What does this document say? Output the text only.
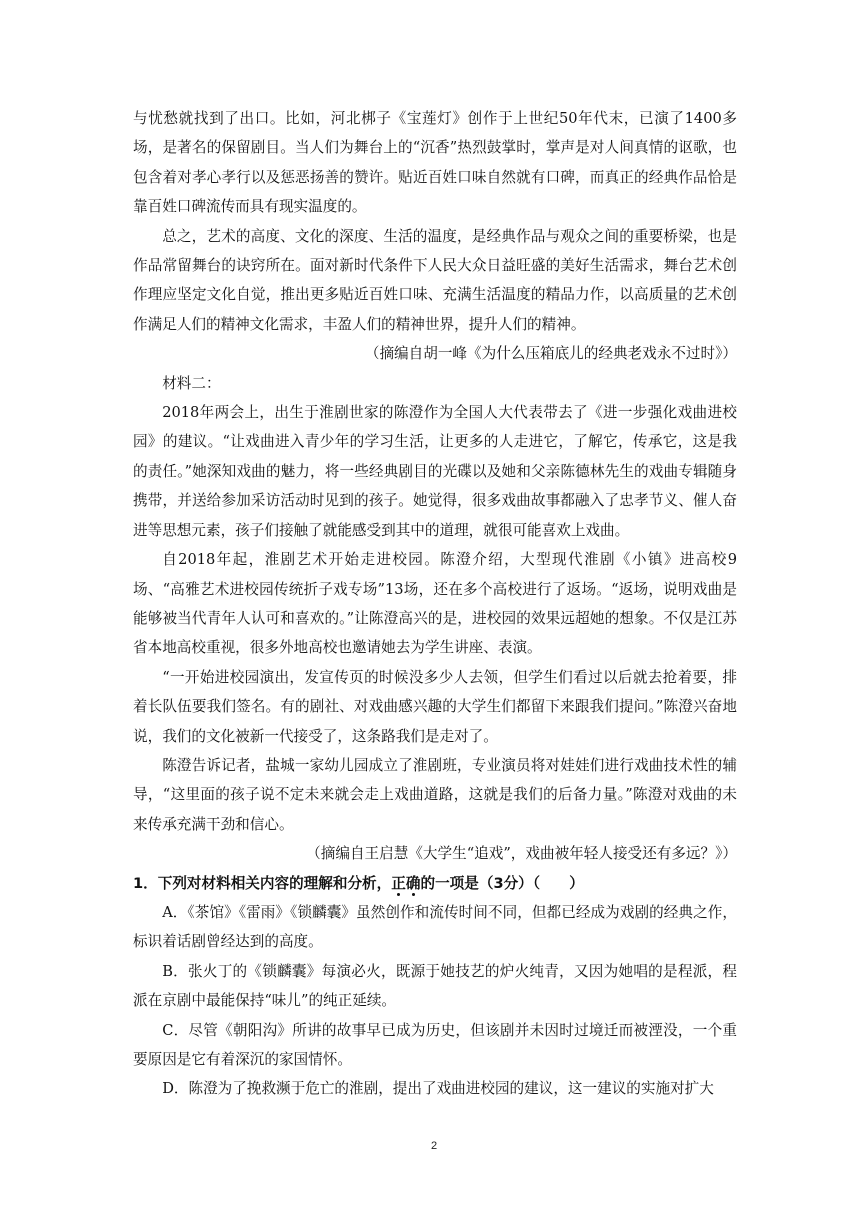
与忧愁就找到了出口。比如，河北梆子《宝莲灯》创作于上世纪50年代末，已演了1400多场，是著名的保留剧目。当人们为舞台上的“沉香”热烈鼓掌时，掌声是对人间真情的讴歌，也包含着对孝心孝行以及惩恶扬善的赞许。贴近百姓口味自然就有口碑，而真正的经典作品恰是靠百姓口碑流传而具有现实温度的。

总之，艺术的高度、文化的深度、生活的温度，是经典作品与观众之间的重要桥梁，也是作品常留舞台的诀窍所在。面对新时代条件下人民大众日益旺盛的美好生活需求，舞台艺术创作理应坚定文化自觉，推出更多贴近百姓口味、充满生活温度的精品力作，以高质量的艺术创作满足人们的精神文化需求，丰盈人们的精神世界，提升人们的精神。

（摘编自胡一峰《为什么压箱底儿的经典老戏永不过时》）

材料二：

2018年两会上，出生于淮剧世家的陈澄作为全国人大代表带去了《进一步强化戏曲进校园》的建议。“让戏曲进入青少年的学习生活，让更多的人走进它，了解它，传承它，这是我的责任。”她深知戏曲的魅力，将一些经典剧目的光碟以及她和父亲陈德林先生的戏曲专辑随身携带，并送给参加采访活动时见到的孩子。她觉得，很多戏曲故事都融入了忠孝节义、催人奋进等思想元素，孩子们接触了就能感受到其中的道理，就很可能喜欢上戏曲。

自2018年起，淮剧艺术开始走进校园。陈澄介绍，大型现代淮剧《小镇》进高校9场、“高雅艺术进校园传统折子戏专场”13场，还在多个高校进行了返场。“返场，说明戏曲是能够被当代青年人认可和喜欢的。”让陈澄高兴的是，进校园的效果远超她的想象。不仅是江苏省本地高校重视，很多外地高校也邀请她去为学生讲座、表演。

“一开始进校园演出，发宣传页的时候没多少人去领，但学生们看过以后就去抢着要，排着长队伍要我们签名。有的剧社、对戏曲感兴趣的大学生们都留下来跟我们提问。”陈澄兴奋地说，我们的文化被新一代接受了，这条路我们是走对了。

陈澄告诉记者，盐城一家幼儿园成立了淮剧班，专业演员将对娃娃们进行戏曲技术性的辅导，“这里面的孩子说不定未来就会走上戏曲道路，这就是我们的后备力量。”陈澄对戏曲的未来传承充满干劲和信心。

（摘编自王启慧《大学生“追戏”，戏曲被年轻人接受还有多远？》）

1．下列对材料相关内容的理解和分析，正确的一项是（3分）（　　）

A．《茶馆》《雷雨》《锁麟囊》虽然创作和流传时间不同，但都已经成为戏剧的经典之作，标识着话剧曾经达到的高度。

B．张火丁的《锁麟囊》每演必火，既源于她技艺的炉火纯青，又因为她唱的是程派，程派在京剧中最能保持“味儿”的纯正延续。

C．尽管《朝阳沟》所讲的故事早已成为历史，但该剧并未因时过境迁而被湮没，一个重要原因是它有着深沉的家国情怀。

D．陈澄为了挽救濒于危亡的淮剧，提出了戏曲进校园的建议，这一建议的实施对扩大

2
